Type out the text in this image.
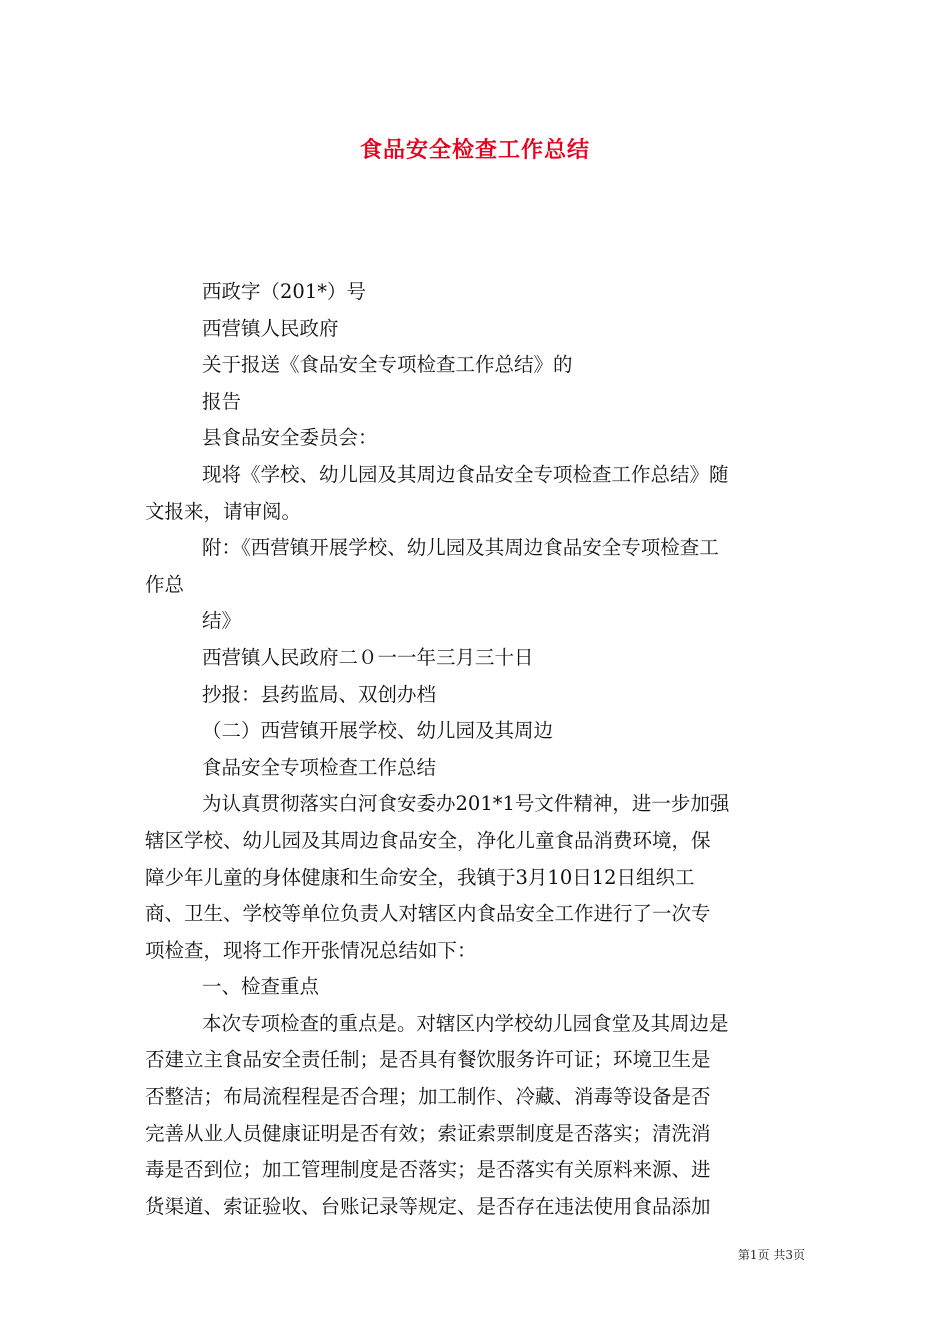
食品安全检查工作总结
西政字（201*）号
西营镇人民政府
关于报送《食品安全专项检查工作总结》的
报告
县食品安全委员会：
现将《学校、幼儿园及其周边食品安全专项检查工作总结》随
文报来，请审阅。
附：《西营镇开展学校、幼儿园及其周边食品安全专项检查工
作总
结》
西营镇人民政府二０一一年三月三十日
抄报：县药监局、双创办档
（二）西营镇开展学校、幼儿园及其周边
食品安全专项检查工作总结
为认真贯彻落实白河食安委办201*1号文件精神，进一步加强
辖区学校、幼儿园及其周边食品安全，净化儿童食品消费环境，保
障少年儿童的身体健康和生命安全，我镇于3月10日12日组织工
商、卫生、学校等单位负责人对辖区内食品安全工作进行了一次专
项检查，现将工作开张情况总结如下：
一、检查重点
本次专项检查的重点是。对辖区内学校幼儿园食堂及其周边是
否建立主食品安全责任制；是否具有餐饮服务许可证；环境卫生是
否整洁；布局流程程是否合理；加工制作、冷藏、消毒等设备是否
完善从业人员健康证明是否有效；索证索票制度是否落实；清洗消
毒是否到位；加工管理制度是否落实；是否落实有关原料来源、进
货渠道、索证验收、台账记录等规定、是否存在违法使用食品添加
第1页 共3页
